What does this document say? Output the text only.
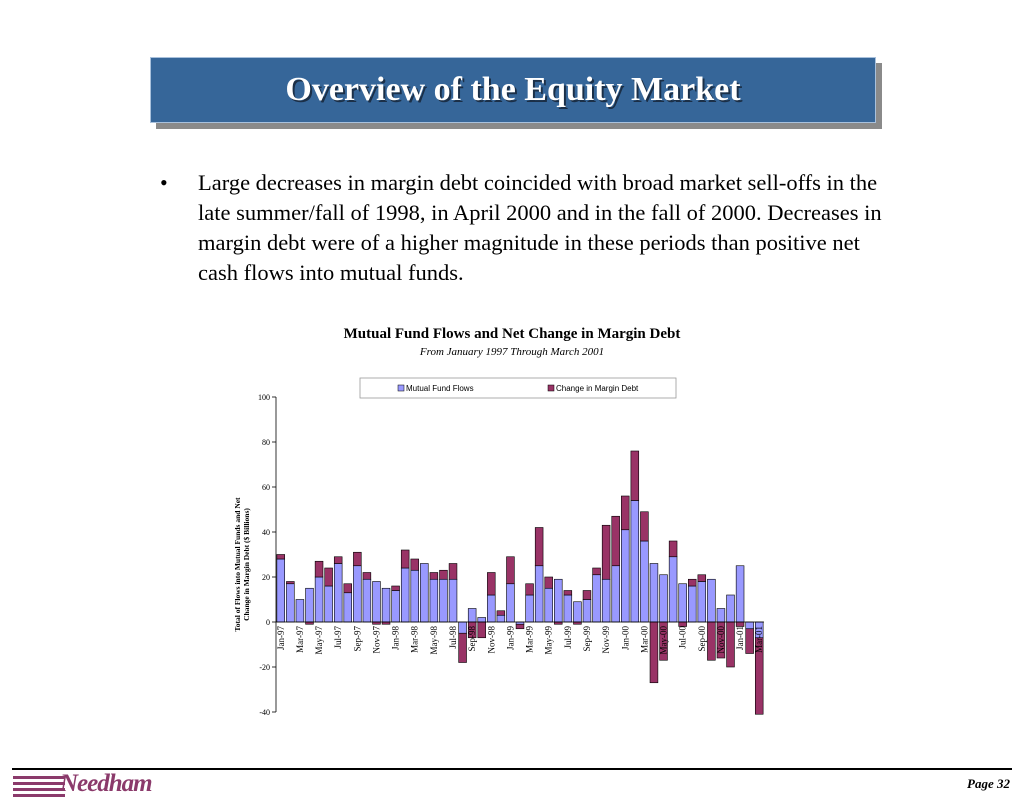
Overview of the Equity Market
• Large decreases in margin debt coincided with broad market sell-offs in the late summer/fall of 1998, in April 2000 and in the fall of 2000. Decreases in margin debt were of a higher magnitude in these periods than positive net cash flows into mutual funds.
Mutual Fund Flows and Net Change in Margin Debt
From January 1997 Through March 2001
100
80
60
40
20
0
-20
-40
Jan-97 Mar-97 May-97 Jul-97 Sep-97 Nov-97 Jan-98 Mar-98 May-98 Jul-98 Sep-98 Nov-98 Jan-99 Mar-99 May-99 Jul-99 Sep-99 Nov-99 Jan-00 Mar-00 May-00 Jul-00 Sep-00 Nov-00 Jan-01 Mar-01
Total of Flows into Mutual Funds and Net Change in Margin Debt ($ Billions)
Mutual Fund Flows	Change in Margin Debt
Needham	Page 32
